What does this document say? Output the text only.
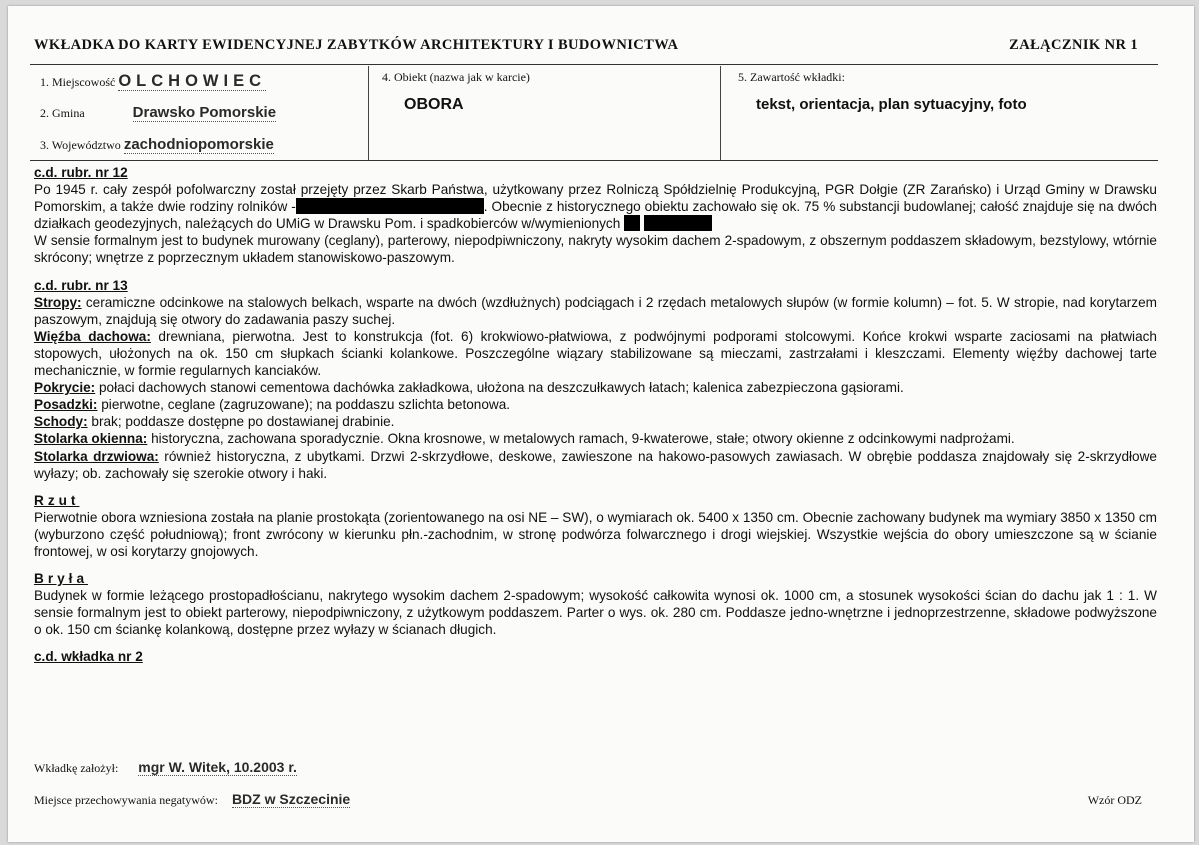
WKŁADKA DO KARTY EWIDENCYJNEJ ZABYTKÓW ARCHITEKTURY I BUDOWNICTWA	ZAŁĄCZNIK NR 1
1. Miejscowość OLCHOWIEC
2. Gmina	Drawsko Pomorskie
3. Województwo zachodniopomorskie
4. Obiekt (nazwa jak w karcie)
OBORA
5. Zawartość wkładki:
tekst, orientacja, plan sytuacyjny, foto
c.d. rubr. nr 12
Po 1945 r. cały zespół pofolwarczny został przejęty przez Skarb Państwa, użytkowany przez Rolniczą Spółdzielnię Produkcyjną, PGR Dołgie (ZR Zarańsko) i Urząd Gminy w Drawsku Pomorskim, a także dwie rodziny rolników -	. Obecnie z historycznego obiektu zachowało się ok. 75 % substancji budowlanej; całość znajduje się na dwóch działkach geodezyjnych, należących do UMiG w Drawsku Pom. i spadkobierców w/wymienionych
W sensie formalnym jest to budynek murowany (ceglany), parterowy, niepodpiwniczony, nakryty wysokim dachem 2-spadowym, z obszernym poddaszem składowym, bezstylowy, wtórnie skrócony; wnętrze z poprzecznym układem stanowiskowo-paszowym.
c.d. rubr. nr 13
Stropy: ceramiczne odcinkowe na stalowych belkach, wsparte na dwóch (wzdłużnych) podciągach i 2 rzędach metalowych słupów (w formie kolumn) – fot. 5. W stropie, nad korytarzem paszowym, znajdują się otwory do zadawania paszy suchej.
Więźba dachowa: drewniana, pierwotna. Jest to konstrukcja (fot. 6) krokwiowo-płatwiowa, z podwójnymi podporami stolcowymi. Końce krokwi wsparte zaciosami na płatwiach stopowych, ułożonych na ok. 150 cm słupkach ścianki kolankowe. Poszczególne wiązary stabilizowane są mieczami, zastrzałami i kleszczami. Elementy więźby dachowej tarte mechanicznie, w formie regularnych kanciaków.
Pokrycie: połaci dachowych stanowi cementowa dachówka zakładkowa, ułożona na deszczułkawych łatach; kalenica zabezpieczona gąsiorami.
Posadzki: pierwotne, ceglane (zagruzowane); na poddaszu szlichta betonowa.
Schody: brak; poddasze dostępne po dostawianej drabinie.
Stolarka okienna: historyczna, zachowana sporadycznie. Okna krosnowe, w metalowych ramach, 9-kwaterowe, stałe; otwory okienne z odcinkowymi nadprożami.
Stolarka drzwiowa: również historyczna, z ubytkami. Drzwi 2-skrzydłowe, deskowe, zawieszone na hakowo-pasowych zawiasach. W obrębie poddasza znajdowały się 2-skrzydłowe wyłazy; ob. zachowały się szerokie otwory i haki.
Rzut
Pierwotnie obora wzniesiona została na planie prostokąta (zorientowanego na osi NE – SW), o wymiarach ok. 5400 x 1350 cm. Obecnie zachowany budynek ma wymiary 3850 x 1350 cm (wyburzono część południową); front zwrócony w kierunku płn.-zachodnim, w stronę podwórza folwarcznego i drogi wiejskiej. Wszystkie wejścia do obory umieszczone są w ścianie frontowej, w osi korytarzy gnojowych.
Bryła
Budynek w formie leżącego prostopadłościanu, nakrytego wysokim dachem 2-spadowym; wysokość całkowita wynosi ok. 1000 cm, a stosunek wysokości ścian do dachu jak 1 : 1. W sensie formalnym jest to obiekt parterowy, niepodpiwniczony, z użytkowym poddaszem. Parter o wys. ok. 280 cm. Poddasze jedno-wnętrzne i jednoprzestrzenne, składowe podwyższone o ok. 150 cm ściankę kolankową, dostępne przez wyłazy w ścianach długich.
c.d. wkładka nr 2
Wkładkę założył: mgr W. Witek, 10.2003 r.
Miejsce przechowywania negatywów: BDZ w Szczecinie	Wzór ODZ
